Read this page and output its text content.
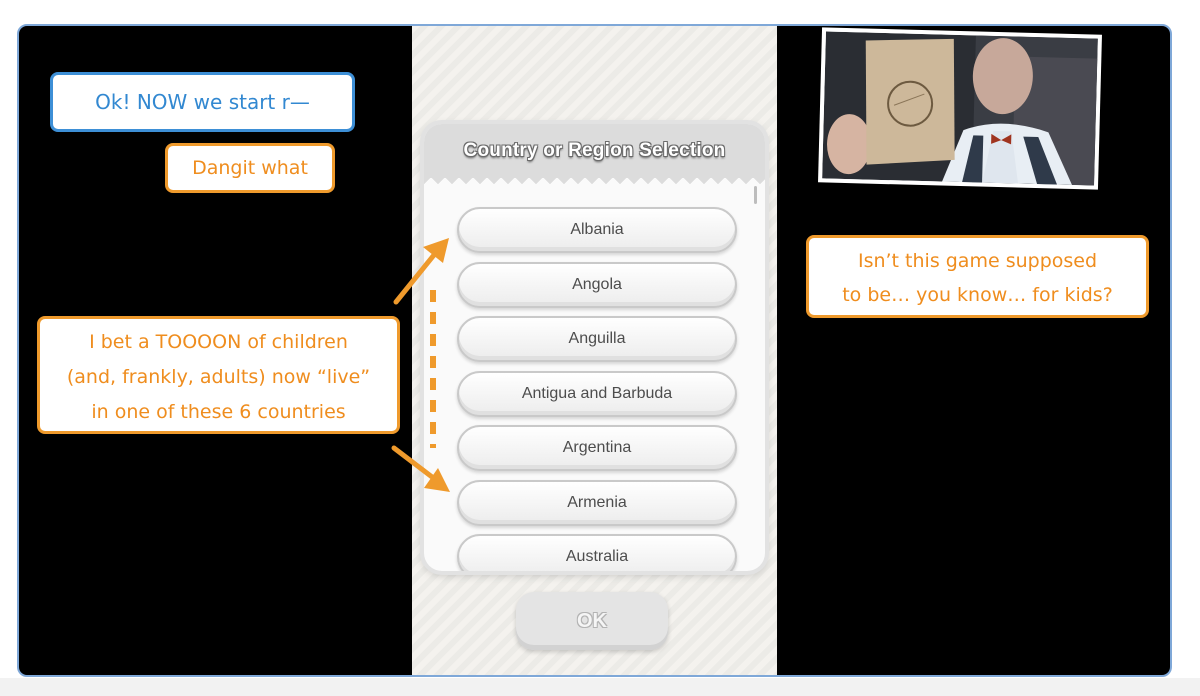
Country or Region Selection
Albania
Angola
Anguilla
Antigua and Barbuda
Argentina
Armenia
Australia
OK
Ok! NOW we start r—
Dangit what
I bet a TOOOON of children
(and, frankly, adults) now “live”
in one of these 6 countries
Isn’t this game supposed
to be… you know… for kids?
